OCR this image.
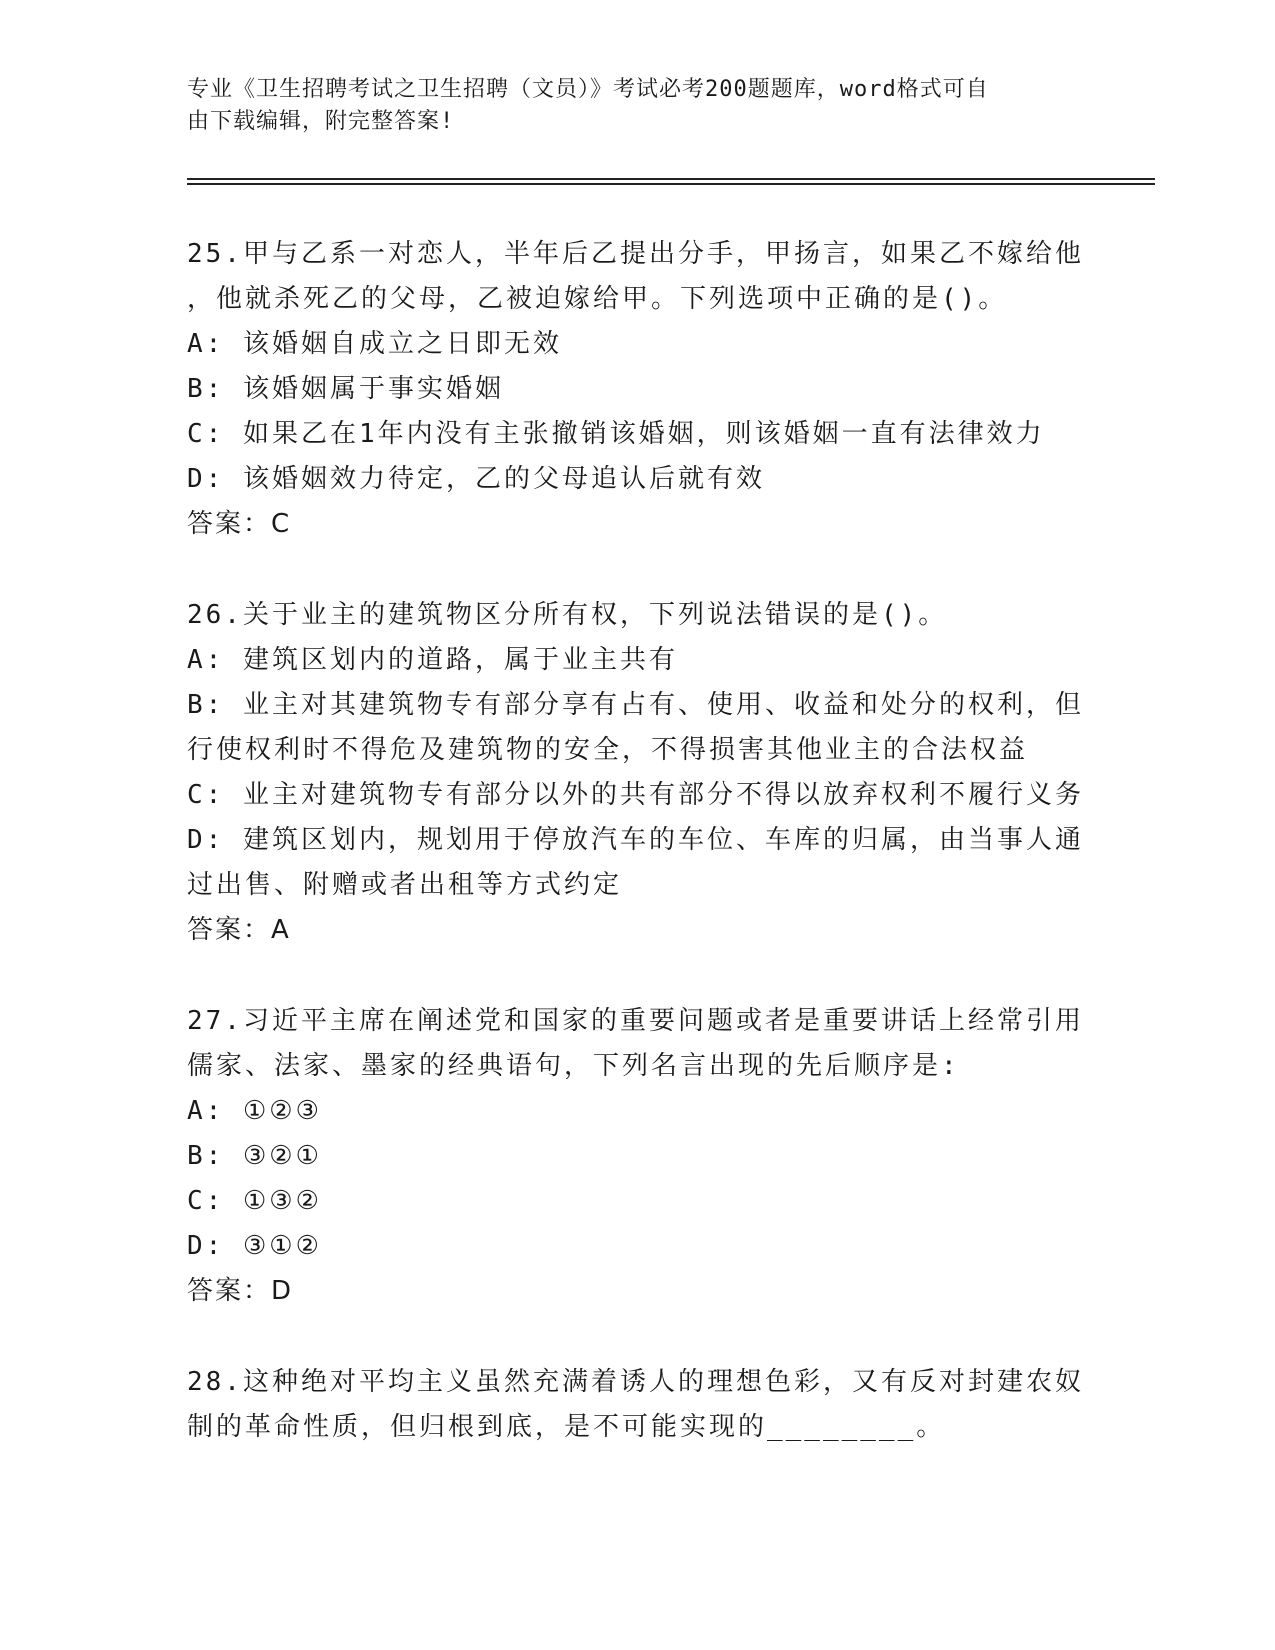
专业《卫生招聘考试之卫生招聘（文员）》考试必考200题题库，word格式可自
由下载编辑，附完整答案!
25.甲与乙系一对恋人，半年后乙提出分手，甲扬言，如果乙不嫁给他
，他就杀死乙的父母，乙被迫嫁给甲。下列选项中正确的是()。
A: 该婚姻自成立之日即无效
B: 该婚姻属于事实婚姻
C: 如果乙在1年内没有主张撤销该婚姻，则该婚姻一直有法律效力
D: 该婚姻效力待定，乙的父母追认后就有效
答案：C
26.关于业主的建筑物区分所有权，下列说法错误的是()。
A: 建筑区划内的道路，属于业主共有
B: 业主对其建筑物专有部分享有占有、使用、收益和处分的权利，但
行使权利时不得危及建筑物的安全，不得损害其他业主的合法权益
C: 业主对建筑物专有部分以外的共有部分不得以放弃权利不履行义务
D: 建筑区划内，规划用于停放汽车的车位、车库的归属，由当事人通
过出售、附赠或者出租等方式约定
答案：A
27.习近平主席在阐述党和国家的重要问题或者是重要讲话上经常引用
儒家、法家、墨家的经典语句，下列名言出现的先后顺序是:
A: ①②③
B: ③②①
C: ①③②
D: ③①②
答案：D
28.这种绝对平均主义虽然充满着诱人的理想色彩，又有反对封建农奴
制的革命性质，但归根到底，是不可能实现的________。
